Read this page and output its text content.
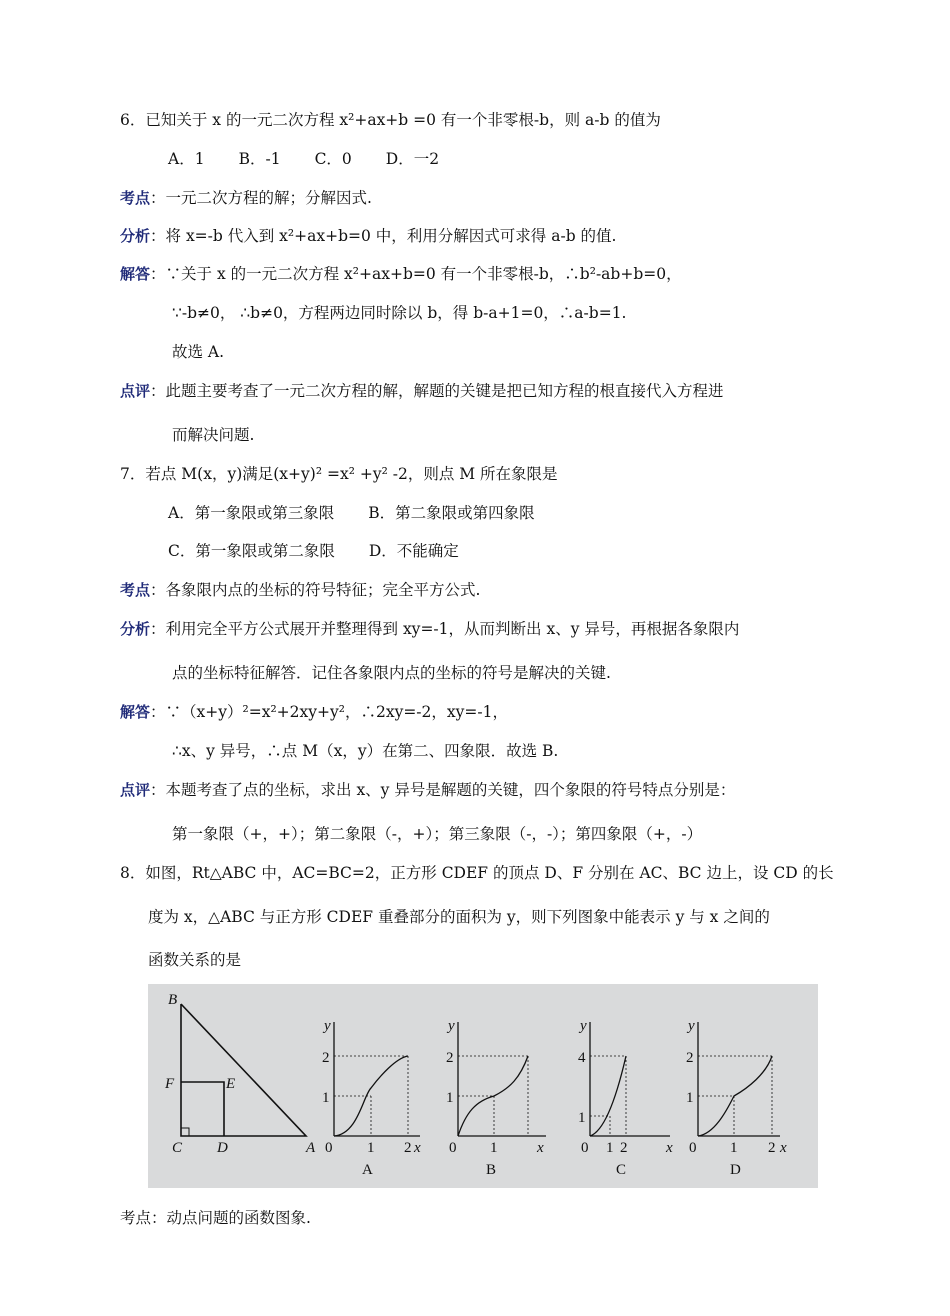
6．已知关于 x 的一元二次方程 x²+ax+b =0 有一个非零根-b，则 a-b 的值为
A．1 B．-1 C．0 D．一2
考点：一元二次方程的解；分解因式.
分析：将 x=-b 代入到 x²+ax+b=0 中，利用分解因式可求得 a-b 的值.
解答：∵关于 x 的一元二次方程 x²+ax+b=0 有一个非零根-b，∴b²-ab+b=0，
∵-b≠0， ∴b≠0，方程两边同时除以 b，得 b-a+1=0，∴a-b=1.
故选 A.
点评：此题主要考查了一元二次方程的解，解题的关键是把已知方程的根直接代入方程进
而解决问题.
7．若点 M(x，y)满足(x+y)² =x² +y² -2，则点 M 所在象限是
A．第一象限或第三象限 B．第二象限或第四象限
C．第一象限或第二象限 D．不能确定
考点：各象限内点的坐标的符号特征；完全平方公式.
分析：利用完全平方公式展开并整理得到 xy=-1，从而判断出 x、y 异号，再根据各象限内
点的坐标特征解答．记住各象限内点的坐标的符号是解决的关键.
解答：∵（x+y）²=x²+2xy+y²，∴2xy=-2，xy=-1，
∴x、y 异号，∴点 M（x，y）在第二、四象限．故选 B.
点评：本题考查了点的坐标，求出 x、y 异号是解题的关键，四个象限的符号特点分别是：
第一象限（+，+）；第二象限（-，+）；第三象限（-，-）；第四象限（+，-）
8．如图，Rt△ABC 中，AC=BC=2，正方形 CDEF 的顶点 D、F 分别在 AC、BC 边上，设 CD 的长
度为 x，△ABC 与正方形 CDEF 重叠部分的面积为 y，则下列图象中能表示 y 与 x 之间的
函数关系的是
B
F	E
C D	A
y
2
1
0 1 2 x
A
y
2
1
0 1	x
B
y
4
1
0 1 2	x
C
y
2
1
0 1 2 x
D
考点：动点问题的函数图象.
